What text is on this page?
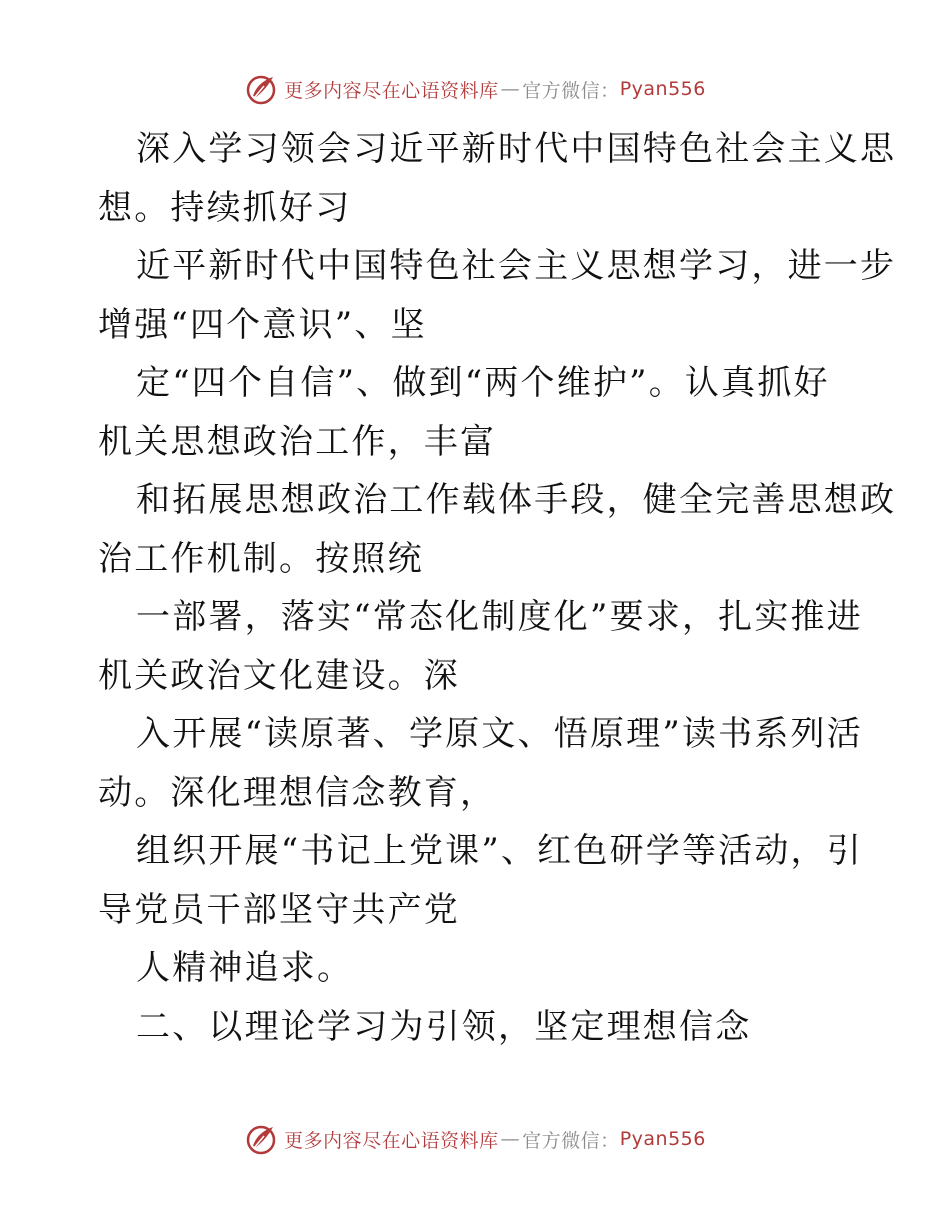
更多内容尽在心语资料库 — 官方微信： Pyan556
深入学习领会习近平新时代中国特色社会主义思
想。持续抓好习
近平新时代中国特色社会主义思想学习，进一步
增强“四个意识”、坚
定“四个自信”、做到“两个维护”。认真抓好
机关思想政治工作，丰富
和拓展思想政治工作载体手段，健全完善思想政
治工作机制。按照统
一部署，落实“常态化制度化”要求，扎实推进
机关政治文化建设。深
入开展“读原著、学原文、悟原理”读书系列活
动。深化理想信念教育，
组织开展“书记上党课”、红色研学等活动，引
导党员干部坚守共产党
人精神追求。
二、以理论学习为引领，坚定理想信念
更多内容尽在心语资料库 — 官方微信： Pyan556
